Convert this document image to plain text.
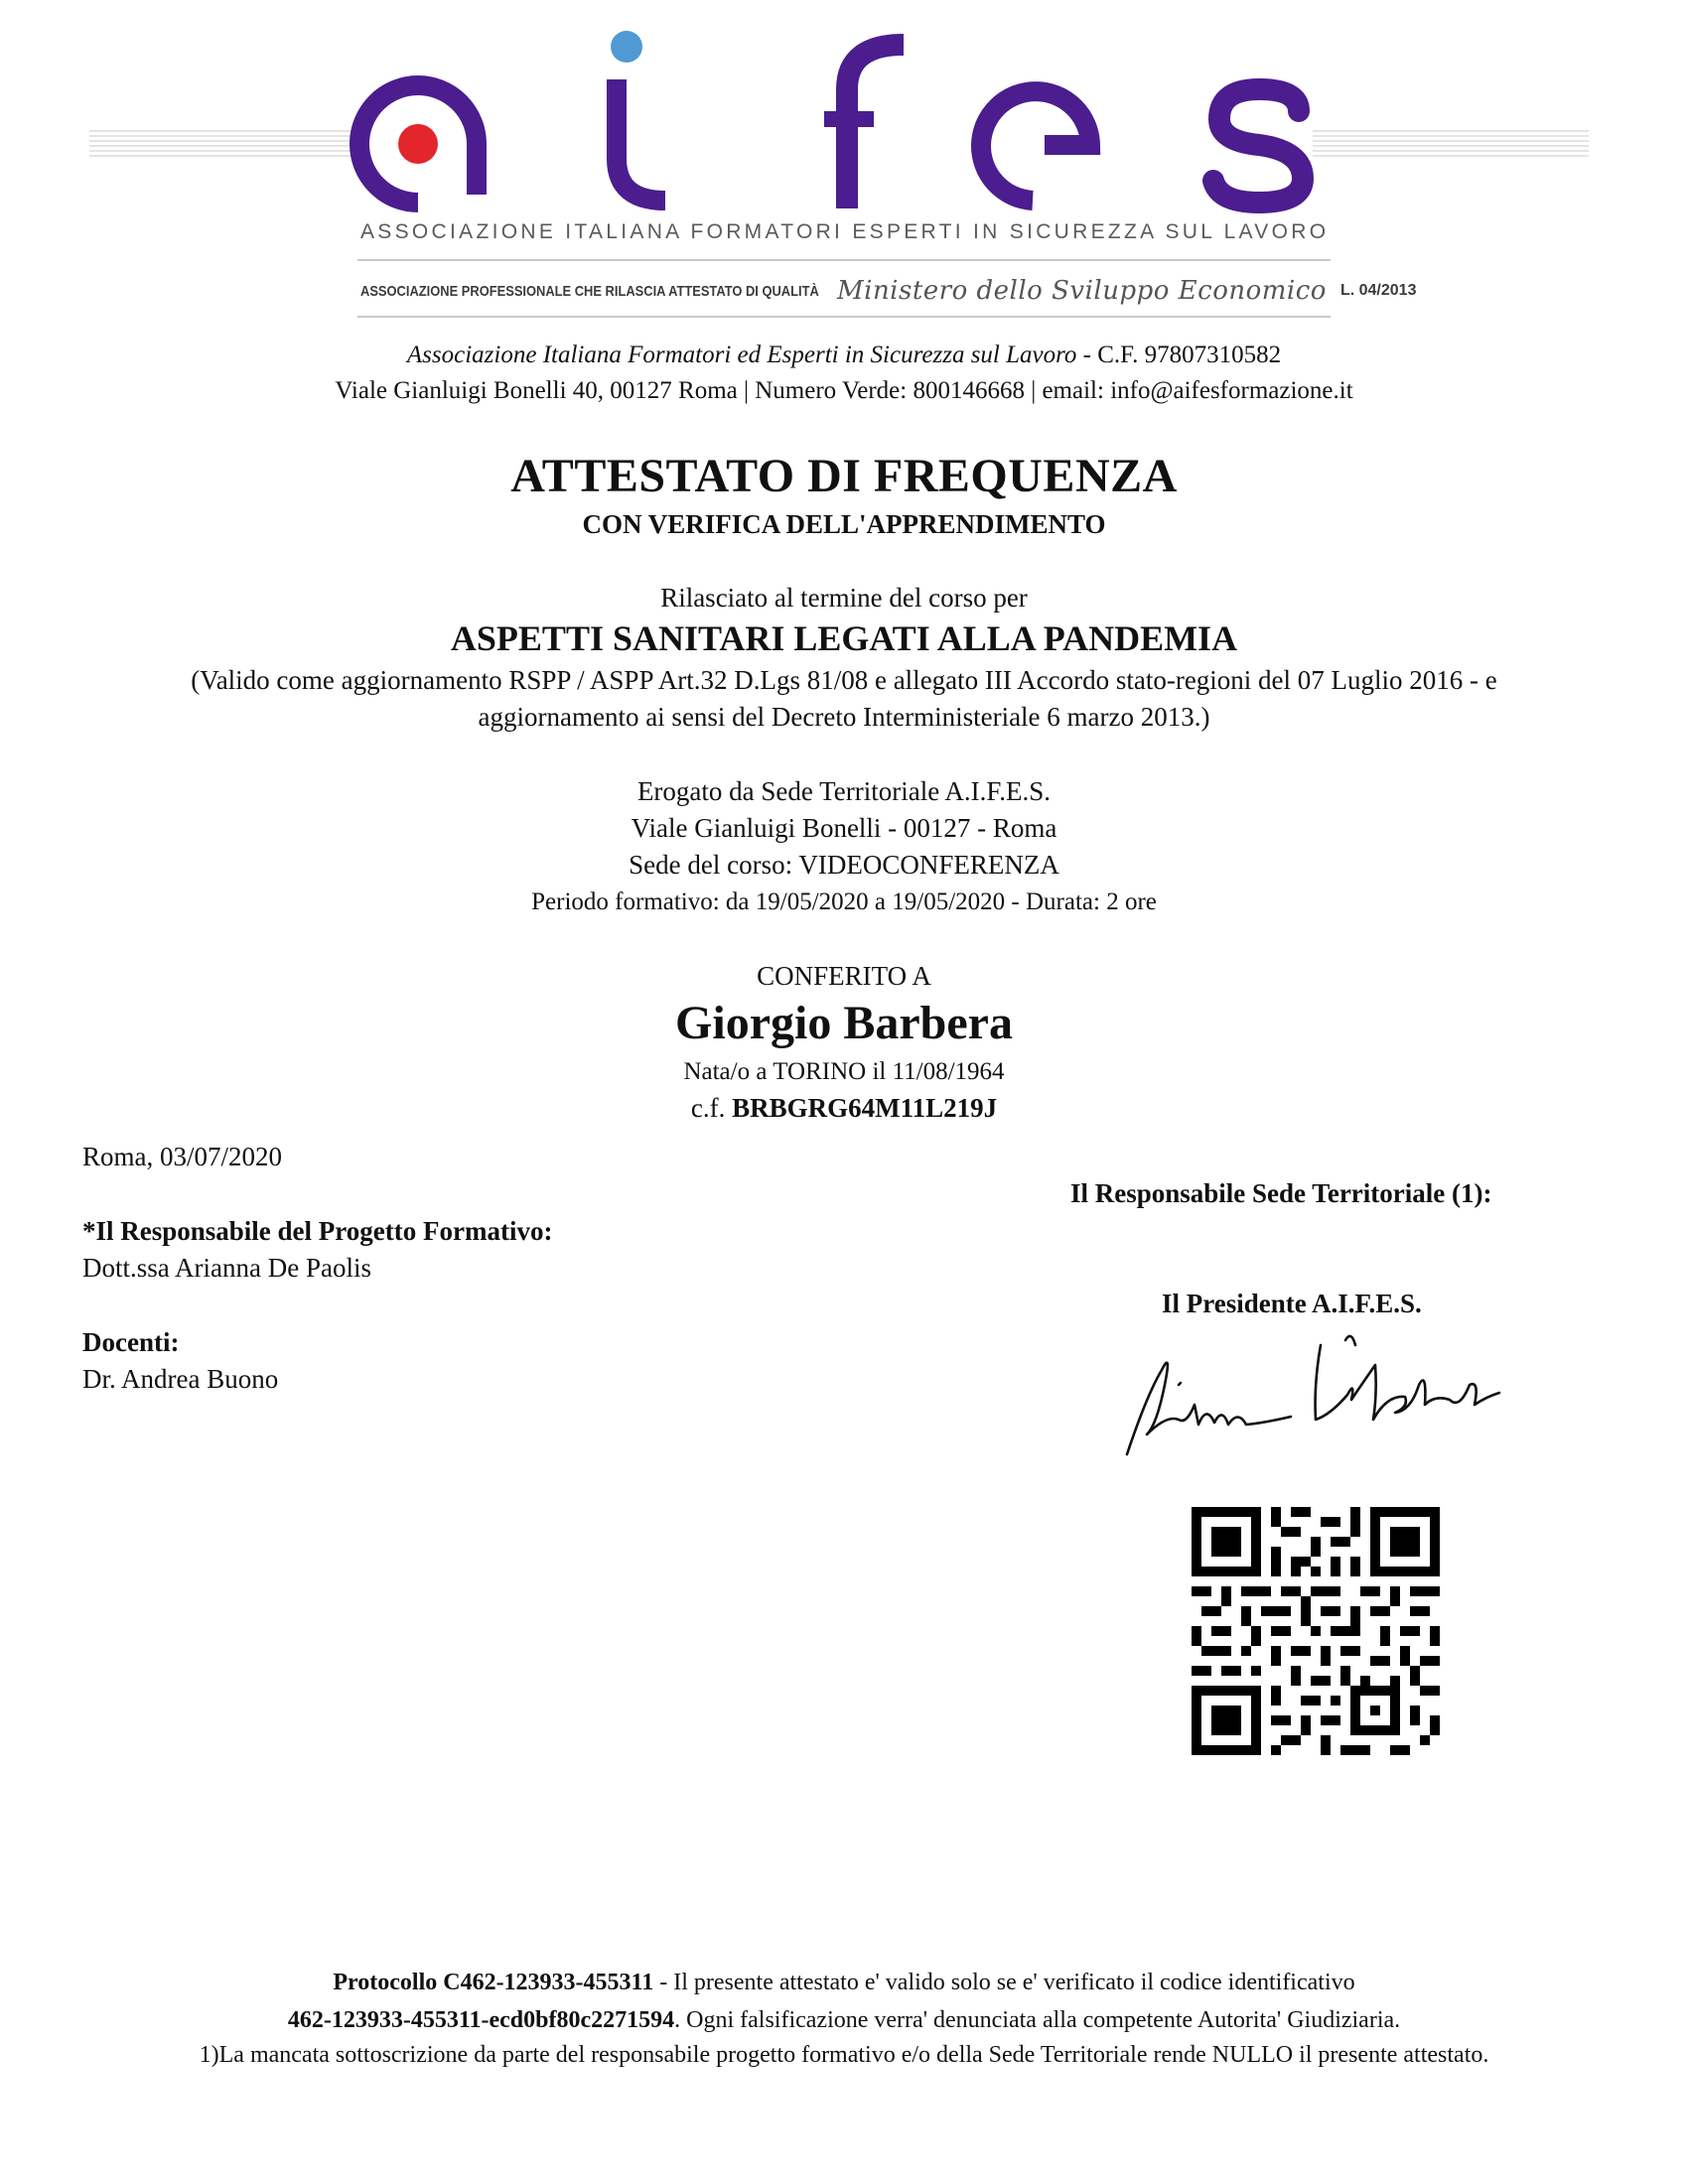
ASSOCIAZIONE ITALIANA FORMATORI ESPERTI IN SICUREZZA SUL LAVORO
ASSOCIAZIONE PROFESSIONALE CHE RILASCIA ATTESTATO DI QUALITÀ Ministero dello Sviluppo Economico L. 04/2013
Associazione Italiana Formatori ed Esperti in Sicurezza sul Lavoro - C.F. 97807310582
Viale Gianluigi Bonelli 40, 00127 Roma | Numero Verde: 800146668 | email: info@aifesformazione.it
ATTESTATO DI FREQUENZA
CON VERIFICA DELL'APPRENDIMENTO
Rilasciato al termine del corso per
ASPETTI SANITARI LEGATI ALLA PANDEMIA
(Valido come aggiornamento RSPP / ASPP Art.32 D.Lgs 81/08 e allegato III Accordo stato-regioni del 07 Luglio 2016 - e
aggiornamento ai sensi del Decreto Interministeriale 6 marzo 2013.)
Erogato da Sede Territoriale A.I.F.E.S.
Viale Gianluigi Bonelli - 00127 - Roma
Sede del corso: VIDEOCONFERENZA
Periodo formativo: da 19/05/2020 a 19/05/2020 - Durata: 2 ore
CONFERITO A
Giorgio Barbera
Nata/o a TORINO il 11/08/1964
c.f. BRBGRG64M11L219J
Roma, 03/07/2020
*Il Responsabile del Progetto Formativo:
Dott.ssa Arianna De Paolis
Docenti:
Dr. Andrea Buono
Il Responsabile Sede Territoriale (1):
Il Presidente A.I.F.E.S.
Protocollo C462-123933-455311 - Il presente attestato e' valido solo se e' verificato il codice identificativo
462-123933-455311-ecd0bf80c2271594. Ogni falsificazione verra' denunciata alla competente Autorita' Giudiziaria.
1)La mancata sottoscrizione da parte del responsabile progetto formativo e/o della Sede Territoriale rende NULLO il presente attestato.
